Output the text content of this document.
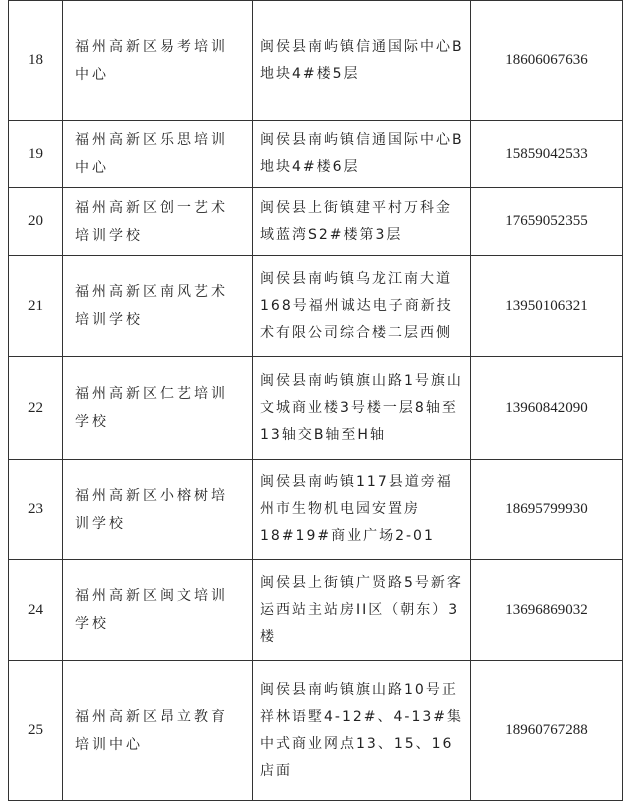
18	福州高新区易考培训中心	闽侯县南屿镇信通国际中心B地块4#楼5层	18606067636
19	福州高新区乐思培训中心	闽侯县南屿镇信通国际中心B地块4#楼6层	15859042533
20	福州高新区创一艺术培训学校	闽侯县上街镇建平村万科金域蓝湾S2#楼第3层	17659052355
21	福州高新区南风艺术培训学校	闽侯县南屿镇乌龙江南大道168号福州诚达电子商新技术有限公司综合楼二层西侧	13950106321
22	福州高新区仁艺培训学校	闽侯县南屿镇旗山路1号旗山文城商业楼3号楼一层8轴至13轴交B轴至H轴	13960842090
23	福州高新区小榕树培训学校	闽侯县南屿镇117县道旁福州市生物机电园安置房18#19#商业广场2-01	18695799930
24	福州高新区闽文培训学校	闽侯县上街镇广贤路5号新客运西站主站房II区（朝东）3楼	13696869032
25	福州高新区昂立教育培训中心	闽侯县南屿镇旗山路10号正祥林语墅4-12#、4-13#集中式商业网点13、15、16店面	18960767288
